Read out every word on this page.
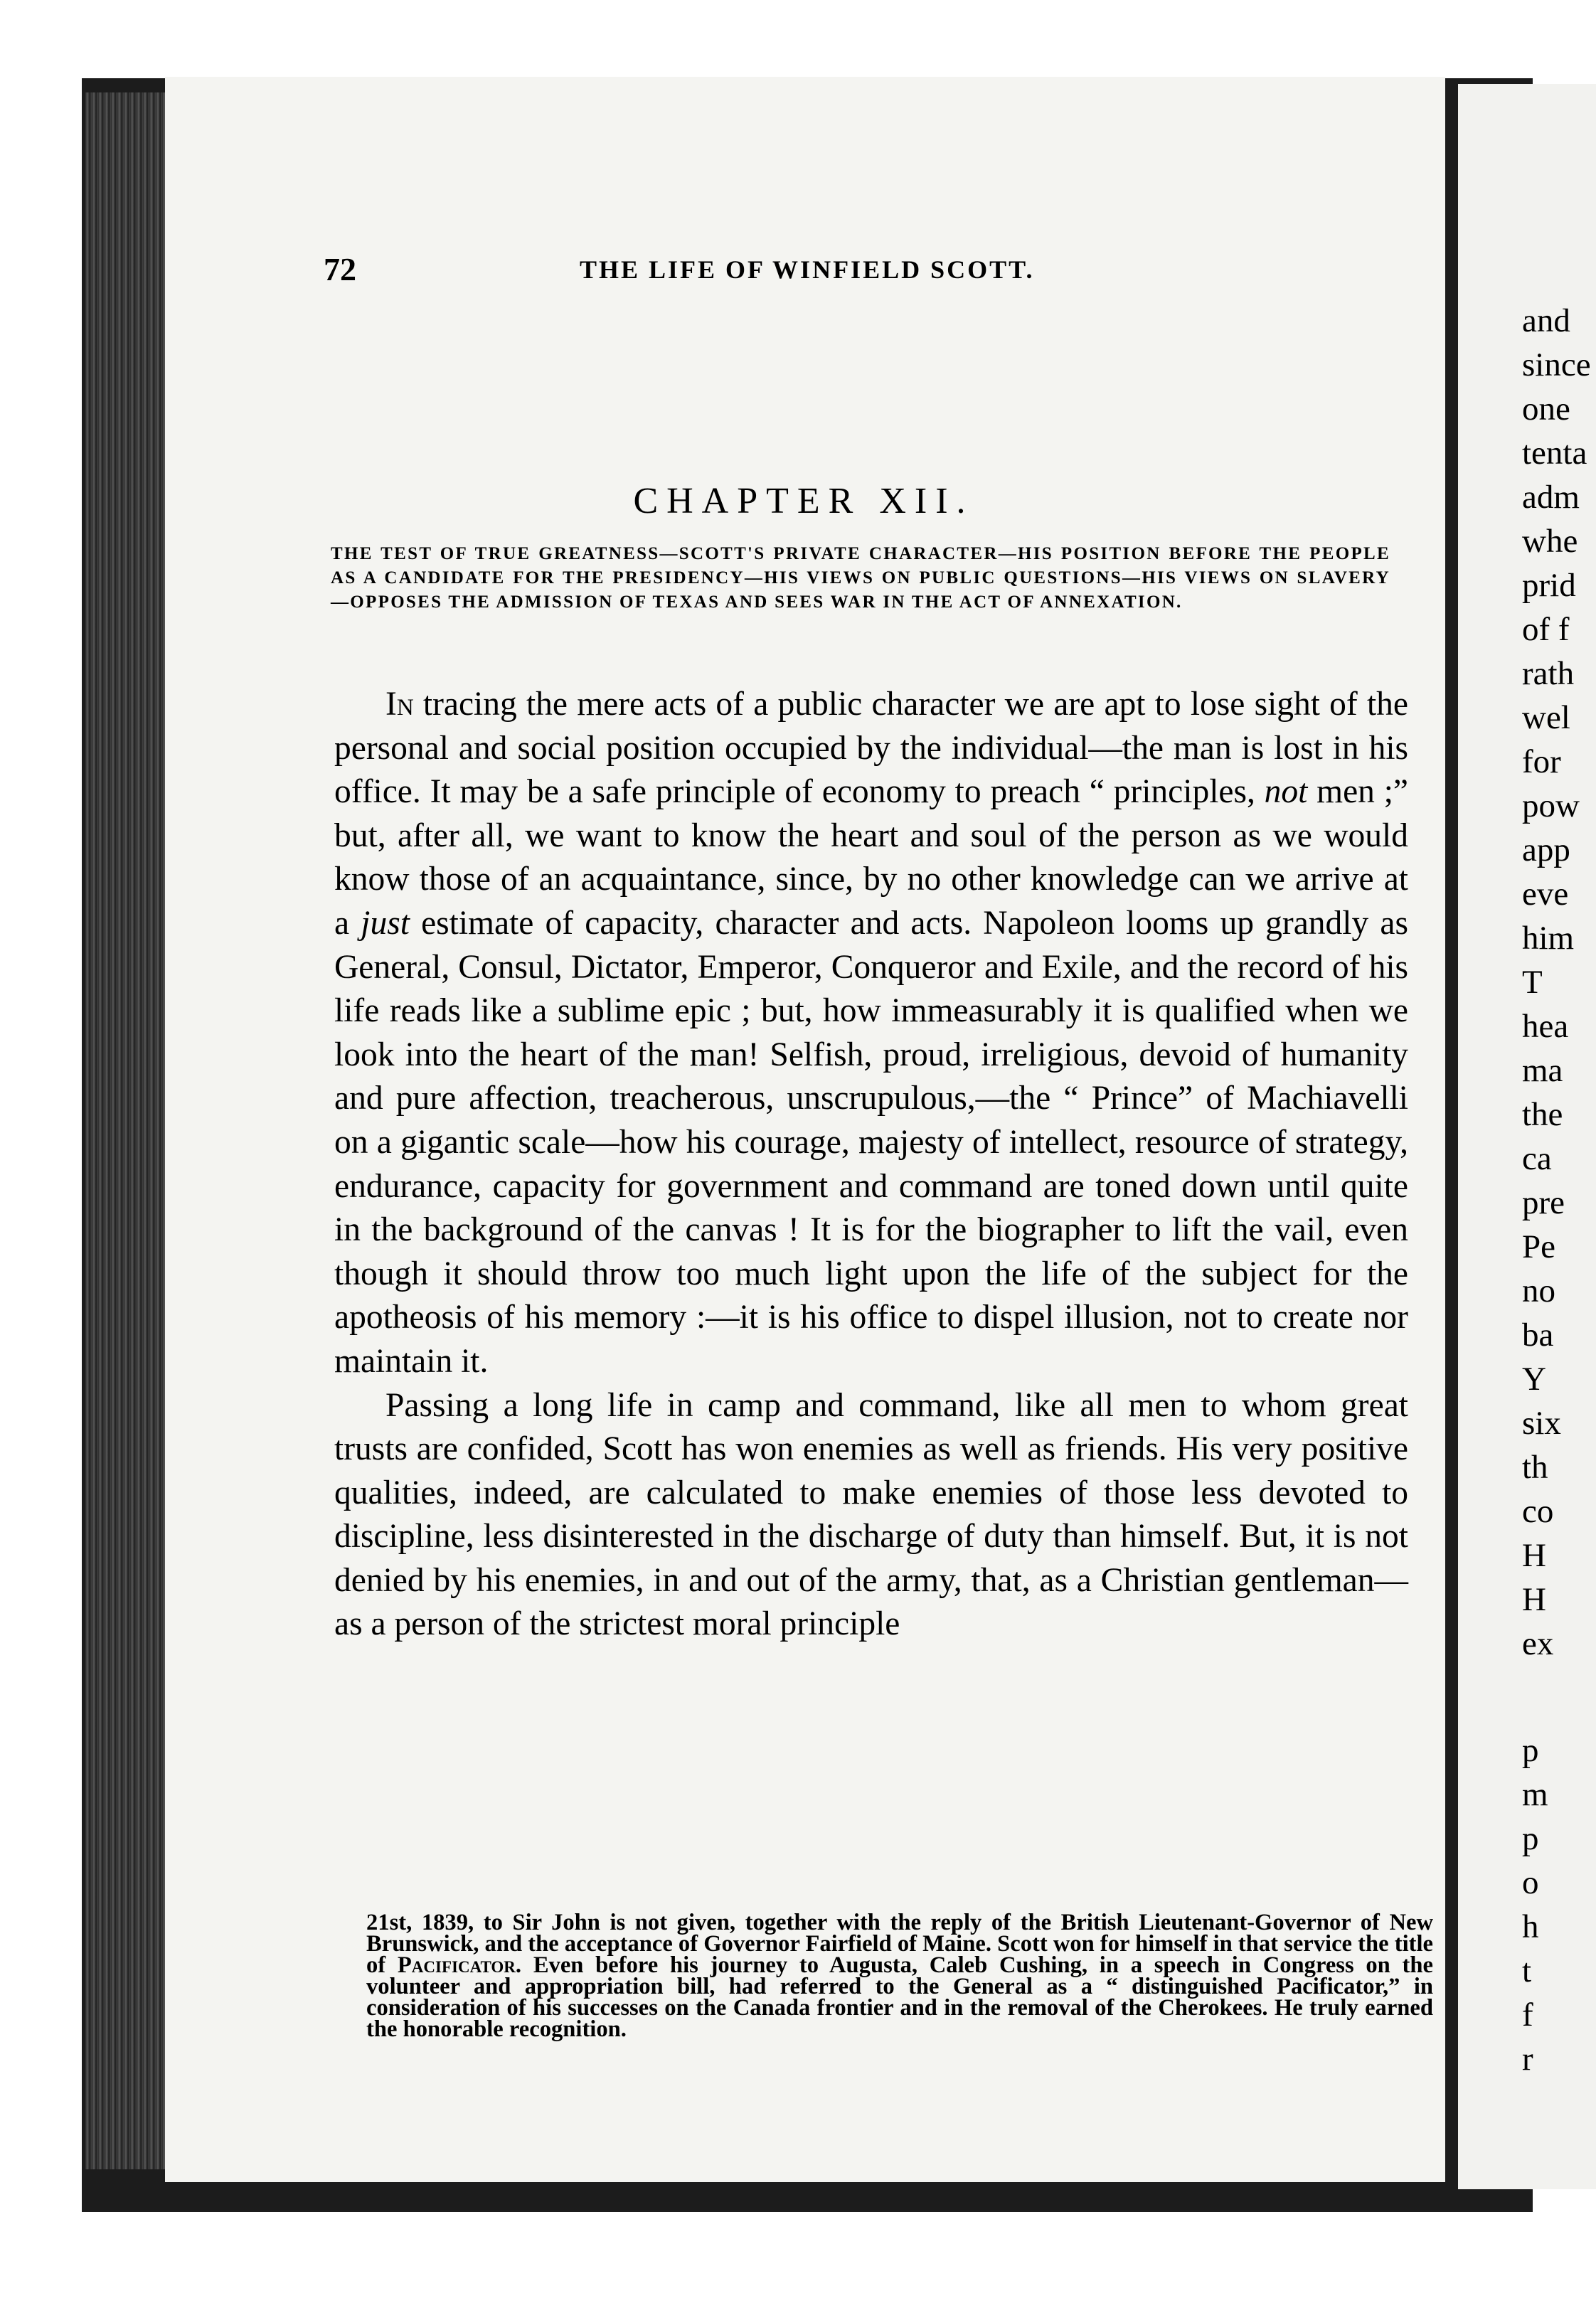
72	THE LIFE OF WINFIELD SCOTT.
CHAPTER XII.
THE TEST OF TRUE GREATNESS—SCOTT'S PRIVATE CHARACTER—HIS POSITION BEFORE THE PEOPLE AS A CANDIDATE FOR THE PRESIDENCY—HIS VIEWS ON PUBLIC QUESTIONS—HIS VIEWS ON SLAVERY—OPPOSES THE ADMISSION OF TEXAS AND SEES WAR IN THE ACT OF ANNEXATION.

In tracing the mere acts of a public character we are apt to lose sight of the personal and social position occupied by the individual—the man is lost in his office. It may be a safe principle of economy to preach “ principles, not men ;” but, after all, we want to know the heart and soul of the person as we would know those of an acquaintance, since, by no other knowledge can we arrive at a just estimate of capacity, character and acts. Napoleon looms up grandly as General, Consul, Dictator, Emperor, Conqueror and Exile, and the record of his life reads like a sublime epic ; but, how immeasurably it is qualified when we look into the heart of the man! Selfish, proud, irreligious, devoid of humanity and pure affection, treacherous, unscrupulous,—the “ Prince” of Machiavelli on a gigantic scale—how his courage, majesty of intellect, resource of strategy, endurance, capacity for government and command are toned down until quite in the background of the canvas ! It is for the biographer to lift the vail, even though it should throw too much light upon the life of the subject for the apotheosis of his memory :—it is his office to dispel illusion, not to create nor maintain it.

Passing a long life in camp and command, like all men to whom great trusts are confided, Scott has won enemies as well as friends. His very positive qualities, indeed, are calculated to make enemies of those less devoted to discipline, less disinterested in the discharge of duty than himself. But, it is not denied by his enemies, in and out of the army, that, as a Christian gentleman—as a person of the strictest moral principle

21st, 1839, to Sir John is not given, together with the reply of the British Lieutenant-Governor of New Brunswick, and the acceptance of Governor Fairfield of Maine. Scott won for himself in that service the title of Pacificator. Even before his journey to Augusta, Caleb Cushing, in a speech in Congress on the volunteer and appropriation bill, had referred to the General as a “ distinguished Pacificator,” in consideration of his successes on the Canada frontier and in the removal of the Cherokees. He truly earned the honorable recognition.
and
since
one
tenta
adm
whe
prid
of f
rath
wel
for
pow
app
eve
him
T
hea
ma
the
ca
pre
Pe
no
ba
Y
six
th
co
H
H
ex
p
m
p
o
h
t
f
r
